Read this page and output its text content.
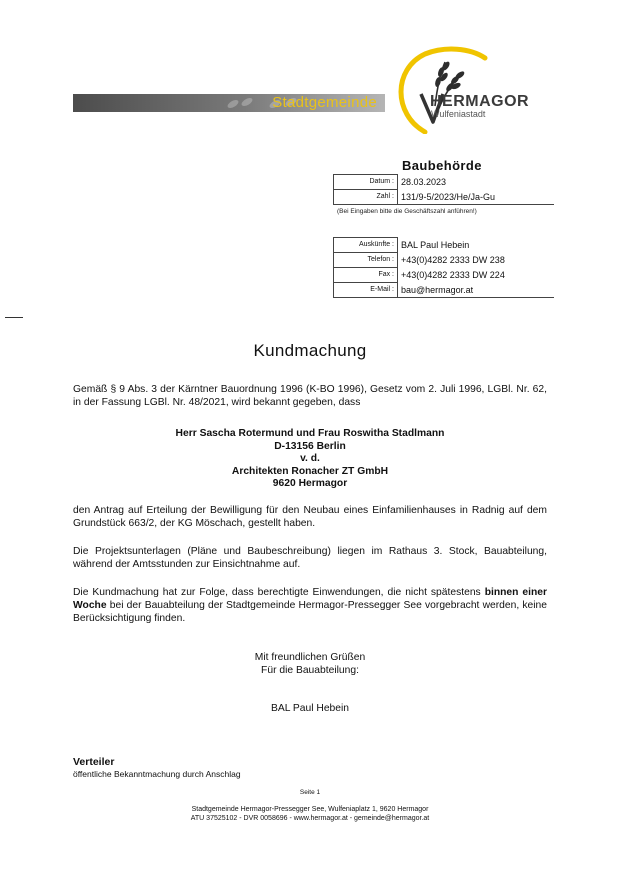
Stadtgemeinde	HERMAGOR
Wulfeniastadt
Baubehörde
Datum :	28.03.2023
Zahl :	131/9-5/2023/He/Ja-Gu
(Bei Eingaben bitte die Geschäftszahl anführen!)
Auskünfte :	BAL Paul Hebein
Telefon :	+43(0)4282 2333 DW 238
Fax :	+43(0)4282 2333 DW 224
E-Mail :	bau@hermagor.at
Kundmachung
Gemäß § 9 Abs. 3 der Kärntner Bauordnung 1996 (K-BO 1996), Gesetz vom 2. Juli 1996, LGBl. Nr. 62, in der Fassung LGBl. Nr. 48/2021, wird bekannt gegeben, dass
Herr Sascha Rotermund und Frau Roswitha Stadlmann
D-13156 Berlin
v. d.
Architekten Ronacher ZT GmbH
9620 Hermagor
den Antrag auf Erteilung der Bewilligung für den Neubau eines Einfamilienhauses in Radnig auf dem Grundstück 663/2, der KG Möschach, gestellt haben.
Die Projektsunterlagen (Pläne und Baubeschreibung) liegen im Rathaus 3. Stock, Bauabteilung, während der Amtsstunden zur Einsichtnahme auf.
Die Kundmachung hat zur Folge, dass berechtigte Einwendungen, die nicht spätestens binnen einer Woche bei der Bauabteilung der Stadtgemeinde Hermagor-Pressegger See vorgebracht werden, keine Berücksichtigung finden.
Mit freundlichen Grüßen
Für die Bauabteilung:
BAL Paul Hebein
Verteiler
öffentliche Bekanntmachung durch Anschlag
Seite 1
Stadtgemeinde Hermagor-Pressegger See, Wulfeniaplatz 1, 9620 Hermagor
ATU 37525102 - DVR 0058696 - www.hermagor.at - gemeinde@hermagor.at
